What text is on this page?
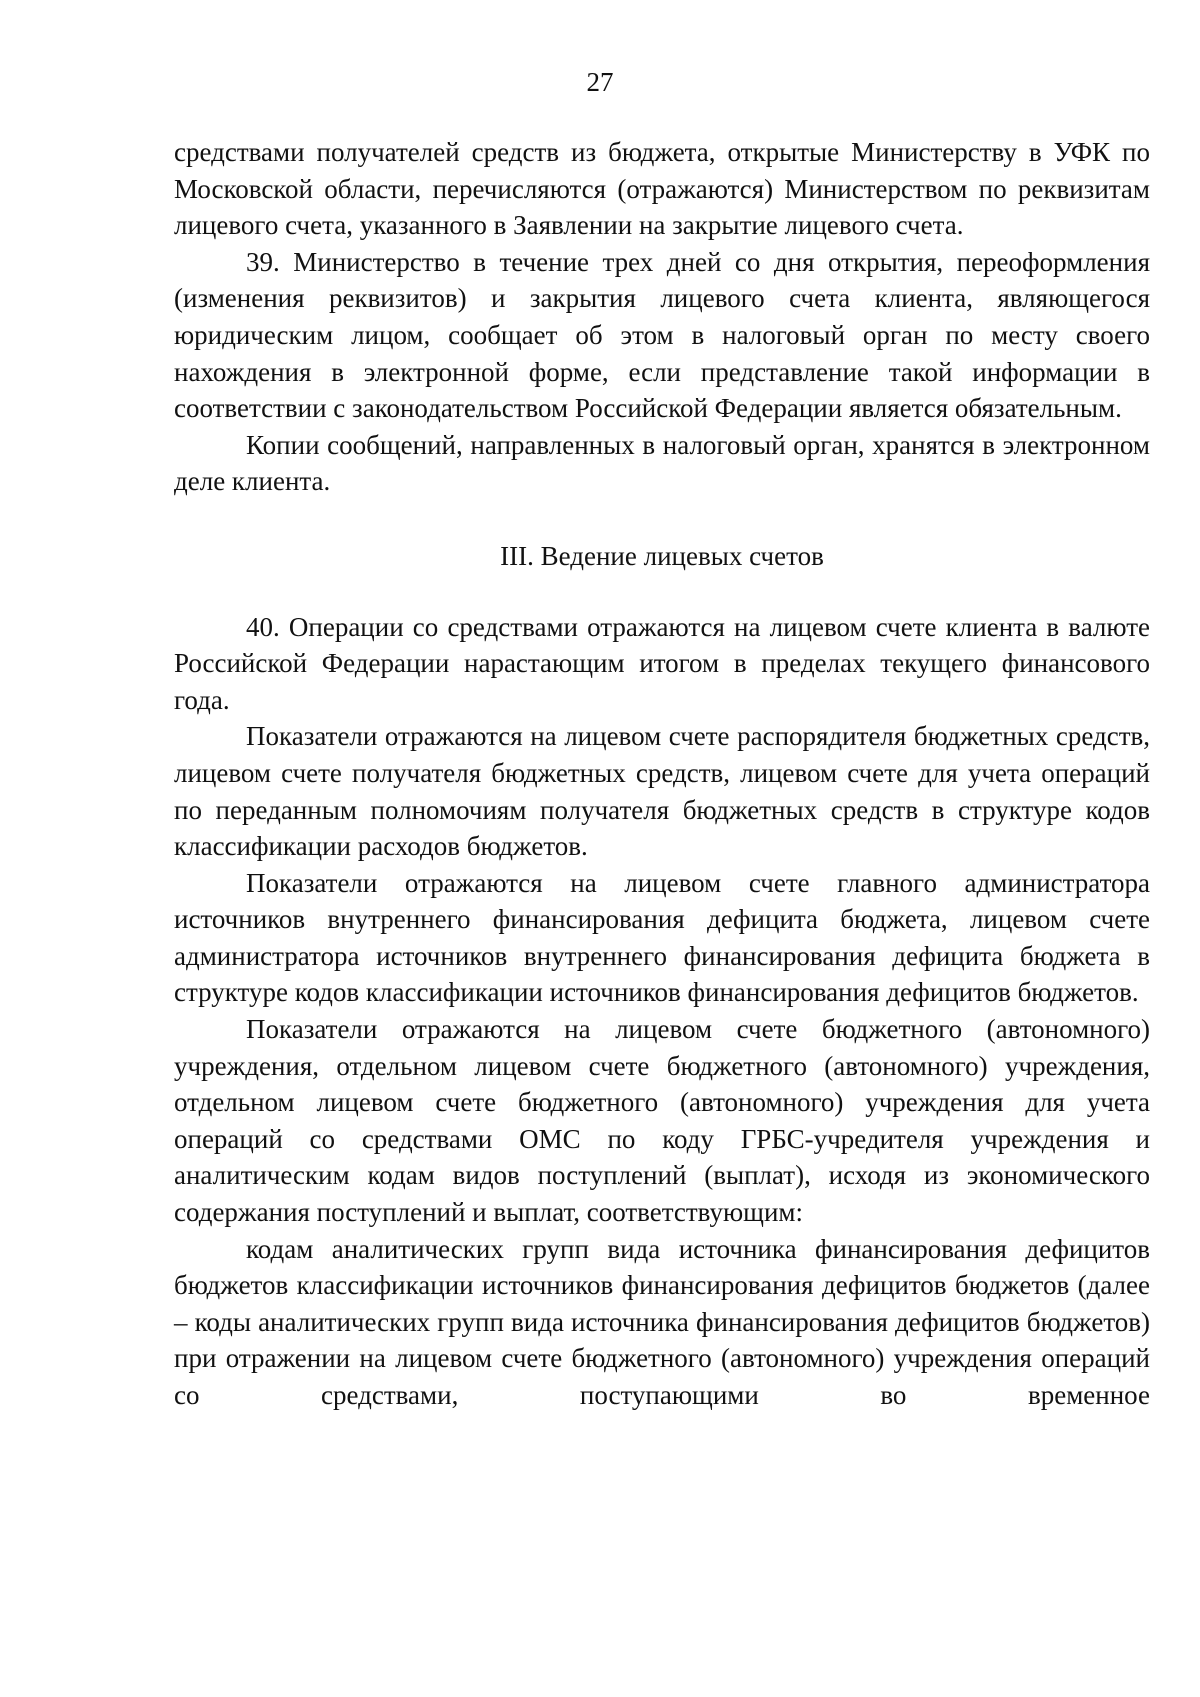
27

средствами получателей средств из бюджета, открытые Министерству в УФК по Московской области, перечисляются (отражаются) Министерством по реквизитам лицевого счета, указанного в Заявлении на закрытие лицевого счета.

39. Министерство в течение трех дней со дня открытия, переоформления (изменения реквизитов) и закрытия лицевого счета клиента, являющегося юридическим лицом, сообщает об этом в налоговый орган по месту своего нахождения в электронной форме, если представление такой информации в соответствии с законодательством Российской Федерации является обязательным.

Копии сообщений, направленных в налоговый орган, хранятся в электронном деле клиента.

III. Ведение лицевых счетов

40. Операции со средствами отражаются на лицевом счете клиента в валюте Российской Федерации нарастающим итогом в пределах текущего финансового года.

Показатели отражаются на лицевом счете распорядителя бюджетных средств, лицевом счете получателя бюджетных средств, лицевом счете для учета операций по переданным полномочиям получателя бюджетных средств в структуре кодов классификации расходов бюджетов.

Показатели отражаются на лицевом счете главного администратора источников внутреннего финансирования дефицита бюджета, лицевом счете администратора источников внутреннего финансирования дефицита бюджета в структуре кодов классификации источников финансирования дефицитов бюджетов.

Показатели отражаются на лицевом счете бюджетного (автономного) учреждения, отдельном лицевом счете бюджетного (автономного) учреждения, отдельном лицевом счете бюджетного (автономного) учреждения для учета операций со средствами ОМС по коду ГРБС-учредителя учреждения и аналитическим кодам видов поступлений (выплат), исходя из экономического содержания поступлений и выплат, соответствующим:

кодам аналитических групп вида источника финансирования дефицитов бюджетов классификации источников финансирования дефицитов бюджетов (далее – коды аналитических групп вида источника финансирования дефицитов бюджетов) при отражении на лицевом счете бюджетного (автономного) учреждения операций со средствами, поступающими во временное
